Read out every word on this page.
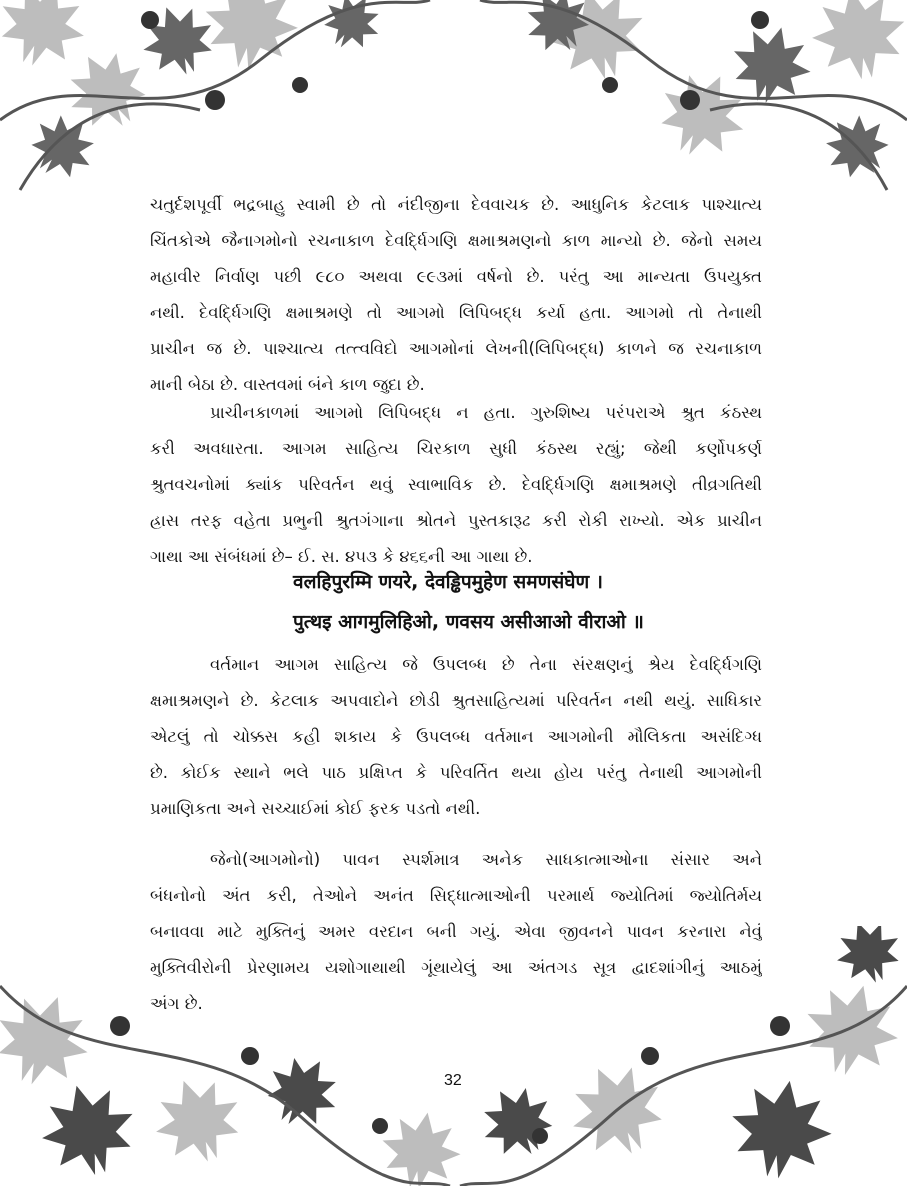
ચતુર્દશપૂર્વી ભદ્રબાહુ સ્વામી છે તો નંદીજીના દેવવાચક છે. આધુનિક કેટલાક પાશ્ચાત્ય
ચિંતકોએ જૈનાગમોનો રચનાકાળ દેવર્દ્ધિગણિ ક્ષમાશ્રમણનો કાળ માન્યો છે. જેનો સમય
મહાવીર નિર્વાણ પછી ૯૮૦ અથવા ૯૯૩માં વર્ષનો છે. પરંતુ આ માન્યતા ઉપયુક્ત
નથી. દેવર્દ્ધિગણિ ક્ષમાશ્રમણે તો આગમો લિપિબદ્ધ કર્યા હતા. આગમો તો તેનાથી
પ્રાચીન જ છે. પાશ્ચાત્ય તત્ત્વવિદો આગમોનાં લેખની(લિપિબદ્ધ) કાળને જ રચનાકાળ
માની બેઠા છે. વાસ્તવમાં બંને કાળ જુદા છે.
પ્રાચીનકાળમાં આગમો લિપિબદ્ધ ન હતા. ગુરુશિષ્ય પરંપરાએ શ્રુત કંઠસ્થ
કરી અવધારતા. આગમ સાહિત્ય ચિરકાળ સુધી કંઠસ્થ રહ્યું; જેથી કર્ણોપકર્ણ
શ્રુતવચનોમાં ક્યાંક પરિવર્તન થવું સ્વાભાવિક છે. દેવર્દ્ધિગણિ ક્ષમાશ્રમણે તીવ્રગતિથી
હ્રાસ તરફ વહેતા પ્રભુની શ્રુતગંગાના શ્રોતને પુસ્તકારૂઢ કરી રોકી રાખ્યો. એક પ્રાચીન
ગાથા આ સંબંધમાં છે– ઈ. સ. ૪૫૩ કે ૪૬૬ની આ ગાથા છે.
वलहिपुरम्मि णयरे, देवड्ढिपमुहेण समणसंघेण ।
पुत्थइ आगमुलिहिओ, णवसय असीआओ वीराओ ॥
વર્તમાન આગમ સાહિત્ય જે ઉપલબ્ધ છે તેના સંરક્ષણનું શ્રેય દેવર્દ્ધિગણિ
ક્ષમાશ્રમણને છે. કેટલાક અપવાદોને છોડી શ્રુતસાહિત્યમાં પરિવર્તન નથી થયું. સાધિકાર
એટલું તો ચોક્કસ કહી શકાય કે ઉપલબ્ધ વર્તમાન આગમોની મૌલિકતા અસંદિગ્ધ
છે. કોઈક સ્થાને ભલે પાઠ પ્રક્ષિપ્ત કે પરિવર્તિત થયા હોય પરંતુ તેનાથી આગમોની
પ્રમાણિકતા અને સચ્ચાઈમાં કોઈ ફરક પડતો નથી.
જેનો(આગમોનો) પાવન સ્પર્શમાત્ર અનેક સાધકાત્માઓના સંસાર અને
બંધનોનો અંત કરી, તેઓને અનંત સિદ્ધાત્માઓની પરમાર્થ જ્યોતિમાં જ્યોતિર્મય
બનાવવા માટે મુક્તિનું અમર વરદાન બની ગયું. એવા જીવનને પાવન કરનારા નેવું
મુક્તિવીરોની પ્રેરણામય યશોગાથાથી ગૂંથાયેલું આ અંતગડ સૂત્ર દ્વાદશાંગીનું આઠમું
અંગ છે.
32
